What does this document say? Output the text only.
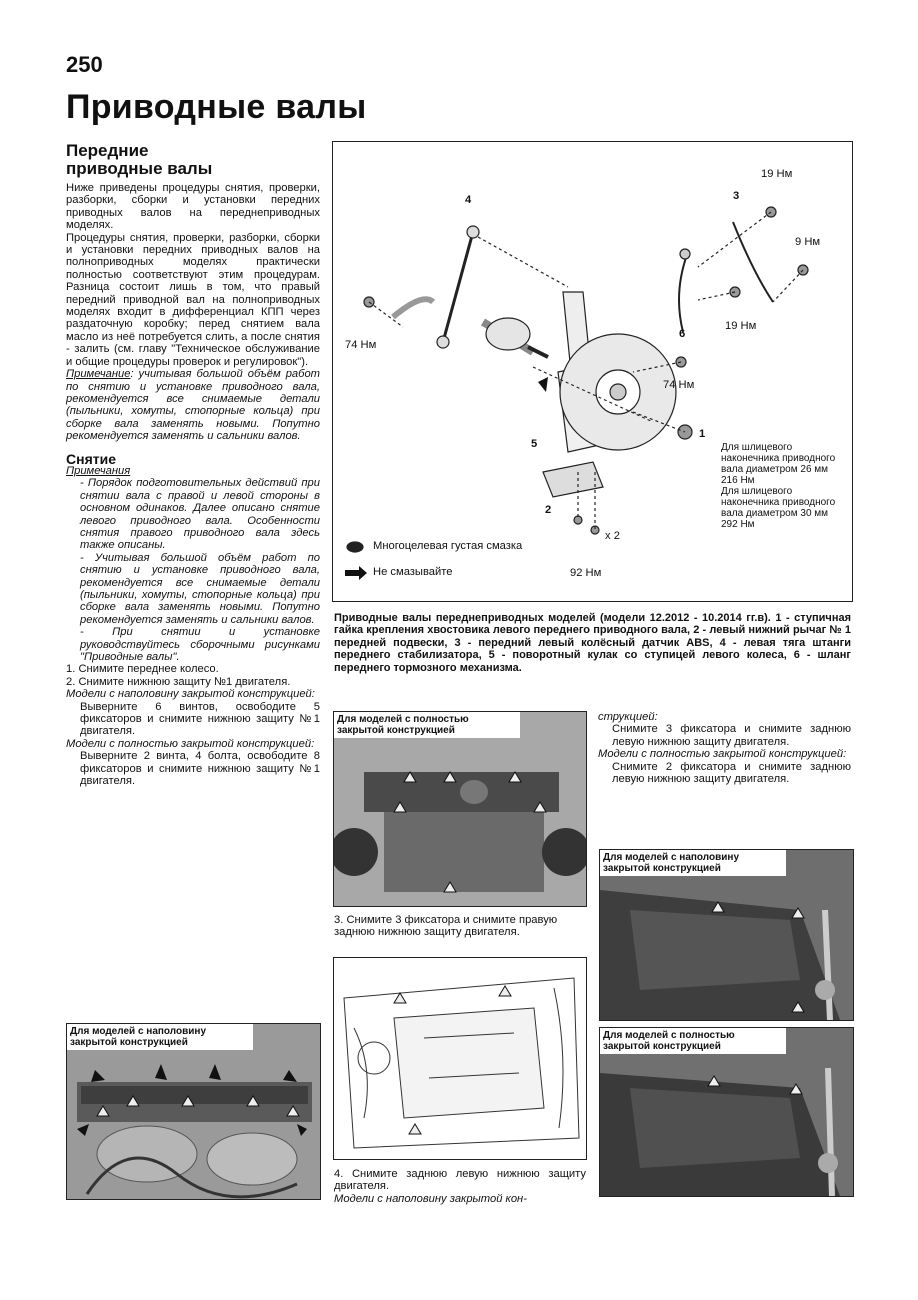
250
Приводные валы
Передние
приводные валы

Ниже приведены процедуры снятия, проверки, разборки, сборки и установки передних приводных валов на переднеприводных моделях.

Процедуры снятия, проверки, разборки, сборки и установки передних приводных валов на полноприводных моделях практически полностью соответствуют этим процедурам. Разница состоит лишь в том, что правый передний приводной вал на полноприводных моделях входит в дифференциал КПП через раздаточную коробку; перед снятием вала масло из неё потребуется слить, а после снятия - залить (см. главу "Техническое обслуживание и общие процедуры проверок и регулировок").

Примечание: учитывая большой объём работ по снятию и установке приводного вала, рекомендуется все снимаемые детали (пыльники, хомуты, стопорные кольца) при сборке вала заменять новыми. Попутно рекомендуется заменять и сальники валов.

Снятие

Примечания

- Порядок подготовительных действий при снятии вала с правой и левой стороны в основном одинаков. Далее описано снятие левого приводного вала. Особенности снятия правого приводного вала здесь также описаны.

- Учитывая большой объём работ по снятию и установке приводного вала, рекомендуется все снимаемые детали (пыльники, хомуты, стопорные кольца) при сборке вала заменять новыми. Попутно рекомендуется заменять и сальники валов.

- При снятии и установке руководствуйтесь сборочными рисунками "Приводные валы".

1. Снимите переднее колесо.

2. Снимите нижнюю защиту №1 двигателя.

Модели с наполовину закрытой конструкцией:

Выверните 6 винтов, освободите 5 фиксаторов и снимите нижнюю защиту №1 двигателя.

Модели с полностью закрытой конструкцией:

Выверните 2 винта, 4 болта, освободите 8 фиксаторов и снимите нижнюю защиту №1 двигателя.

Для моделей с наполовину закрытой конструкцией
19 Нм
9 Нм
19 Нм
74 Нм
74 Нм
92 Нм
1
2
3
4
5
6
x 2
Для шлицевого наконечника приводного вала диаметром 26 мм
216 Нм
Для шлицевого наконечника приводного вала диаметром 30 мм
292 Нм
Многоцелевая густая смазка
Не смазывайте
Приводные валы переднеприводных моделей (модели 12.2012 - 10.2014 гг.в). 1 - ступичная гайка крепления хвостовика левого переднего приводного вала, 2 - левый нижний рычаг № 1 передней подвески, 3 - передний левый колёсный датчик ABS, 4 - левая тяга штанги переднего стабилизатора, 5 - поворотный кулак со ступицей левого колеса, 6 - шланг переднего тормозного механизма.
Для моделей с полностью закрытой конструкцией
3. Снимите 3 фиксатора и снимите правую заднюю нижнюю защиту двигателя.

4. Снимите заднюю левую нижнюю защиту двигателя.

Модели с наполовину закрытой кон-

струкцией:

Снимите 3 фиксатора и снимите заднюю левую нижнюю защиту двигателя.

Модели с полностью закрытой конструкцией:

Снимите 2 фиксатора и снимите заднюю левую нижнюю защиту двигателя.

Для моделей с наполовину закрытой конструкцией
Для моделей с полностью закрытой конструкцией
